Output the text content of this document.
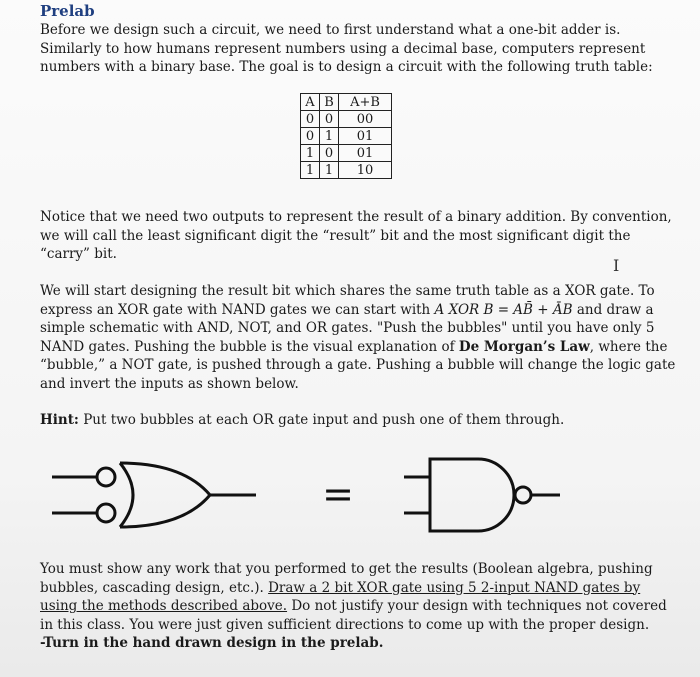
Prelab
Before we design such a circuit, we need to first understand what a one-bit adder is. Similarly to how humans represent numbers using a decimal base, computers represent numbers with a binary base. The goal is to design a circuit with the following truth table:
A	B	A+B
0	0	00
0	1	01
1	0	01
1	1	10
Notice that we need two outputs to represent the result of a binary addition. By convention, we will call the least significant digit the “result” bit and the most significant digit the “carry” bit.
I
We will start designing the result bit which shares the same truth table as a XOR gate. To express an XOR gate with NAND gates we can start with A XOR B = AB̄ + ĀB and draw a simple schematic with AND, NOT, and OR gates. "Push the bubbles" until you have only 5 NAND gates. Pushing the bubble is the visual explanation of De Morgan’s Law, where the “bubble,” a NOT gate, is pushed through a gate. Pushing a bubble will change the logic gate and invert the inputs as shown below.
Hint: Put two bubbles at each OR gate input and push one of them through.
=
You must show any work that you performed to get the results (Boolean algebra, pushing bubbles, cascading design, etc.). Draw a 2 bit XOR gate using 5 2-input NAND gates by using the methods described above. Do not justify your design with techniques not covered in this class. You were just given sufficient directions to come up with the proper design.
-Turn in the hand drawn design in the prelab.
